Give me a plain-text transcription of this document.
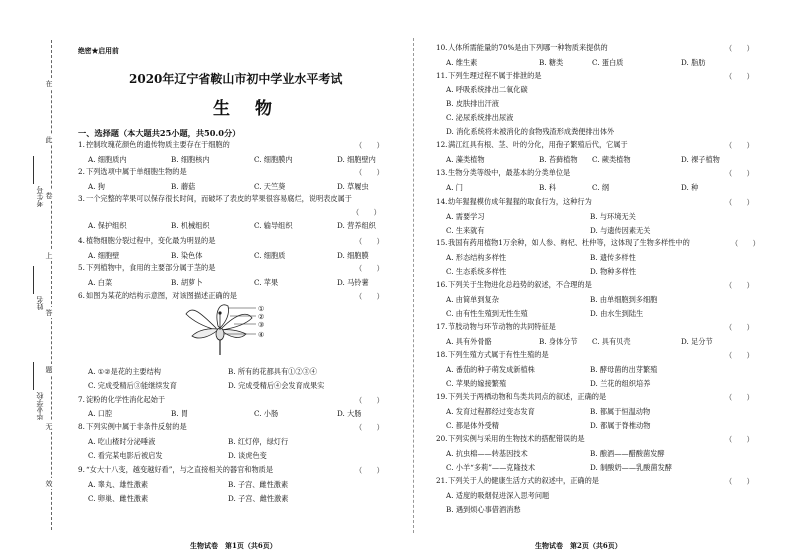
在
此
卷
上
答
题
无
效
考生号
姓名
毕业学校
绝密★启用前
2020年辽宁省鞍山市初中学业水平考试
生　物
一、选择题（本大题共25小题，共50.0分）
①
②
③
④
1. 控制玫瑰花颜色的遗传物质主要存在于细胞的	（　　）
A. 细胞质内	B. 细胞核内	C. 细胞膜内	D. 细胞壁内
2. 下列选项中属于单细胞生物的是	（　　）
A. 狗	B. 蘑菇	C. 天竺葵	D. 草履虫
3. 一个完整的苹果可以保存很长时间，而破坏了表皮的苹果很容易腐烂，说明表皮属于
（　　）
A. 保护组织	B. 机械组织	C. 输导组织	D. 营养组织
4. 植物细胞分裂过程中，变化最为明显的是	（　　）
A. 细胞壁	B. 染色体	C. 细胞质	D. 细胞膜
5. 下列植物中，食用的主要部分属于茎的是	（　　）
A. 白菜	B. 胡萝卜	C. 苹果	D. 马铃薯
6. 如图为某花的结构示意图，对该图描述正确的是	（　　）
A. ①②是花的主要结构	B. 所有的花都具有①②③④
C. 完成受精后③能继续发育	D. 完成受精后④会发育成果实
7. 淀粉的化学性消化起始于	（　　）
A. 口腔	B. 胃	C. 小肠	D. 大肠
8. 下列实例中属于非条件反射的是	（　　）
A. 吃山楂时分泌唾液	B. 红灯停，绿灯行
C. 看完某电影后被启发	D. 谈虎色变
9. “女大十八变，越变越好看”，与之直接相关的器官和物质是	（　　）
A. 睾丸、雄性激素	B. 子宫、雌性激素
C. 卵巢、雌性激素	D. 子宫、雌性激素
10. 人体所需能量的70%是由下列哪一种物质来提供的	（　　）
A. 维生素	B. 糖类	C. 蛋白质	D. 脂肪
11. 下列生理过程不属于排泄的是	（　　）
A. 呼吸系统排出二氧化碳
B. 皮肤排出汗液
C. 泌尿系统排出尿液
D. 消化系统将未被消化的食物残渣形成粪便排出体外
12. 满江红具有根、茎、叶的分化，用孢子繁殖后代，它属于	（　　）
A. 藻类植物	B. 苔藓植物 C. 蕨类植物	D. 裸子植物
13. 生物分类等级中，最基本的分类单位是	（　　）
A. 门	B. 科	C. 纲	D. 种
14. 幼年猩猩模仿成年猩猩的取食行为，这种行为	（　　）
A. 需要学习	B. 与环境无关
C. 生来就有	D. 与遗传因素无关
15. 我国有药用植物1万余种，如人参、枸杞、杜仲等，这体现了生物多样性中的	（　　）
A. 形态结构多样性	B. 遗传多样性
C. 生态系统多样性	D. 物种多样性
16. 下列关于生物进化总趋势的叙述，不合理的是	（　　）
A. 由简单到复杂	B. 由单细胞到多细胞
C. 由有性生殖到无性生殖	D. 由水生到陆生
17. 节肢动物与环节动物的共同特征是	（　　）
A. 具有外骨骼	B. 身体分节 C. 具有贝壳	D. 足分节
18. 下列生殖方式属于有性生殖的是	（　　）
A. 番茄的种子萌发成新植株	B. 酵母菌的出芽繁殖
C. 苹果的嫁接繁殖	D. 兰花的组织培养
19. 下列关于两栖动物和鸟类共同点的叙述，正确的是	（　　）
A. 发育过程都经过变态发育	B. 都属于恒温动物
C. 都是体外受精	D. 都属于脊椎动物
20. 下列实例与采用的生物技术的搭配错误的是	（　　）
A. 抗虫棉——转基因技术	B. 酿酒——醋酸菌发酵
C. 小羊“多莉”——克隆技术	D. 制酸奶——乳酸菌发酵
21. 下列关于人的健康生活方式的叙述中，正确的是	（　　）
A. 适度的吸烟促进深入思考问题
B. 遇到烦心事借酒消愁
生物试卷　第1页（共6页）	生物试卷　第2页（共6页）
